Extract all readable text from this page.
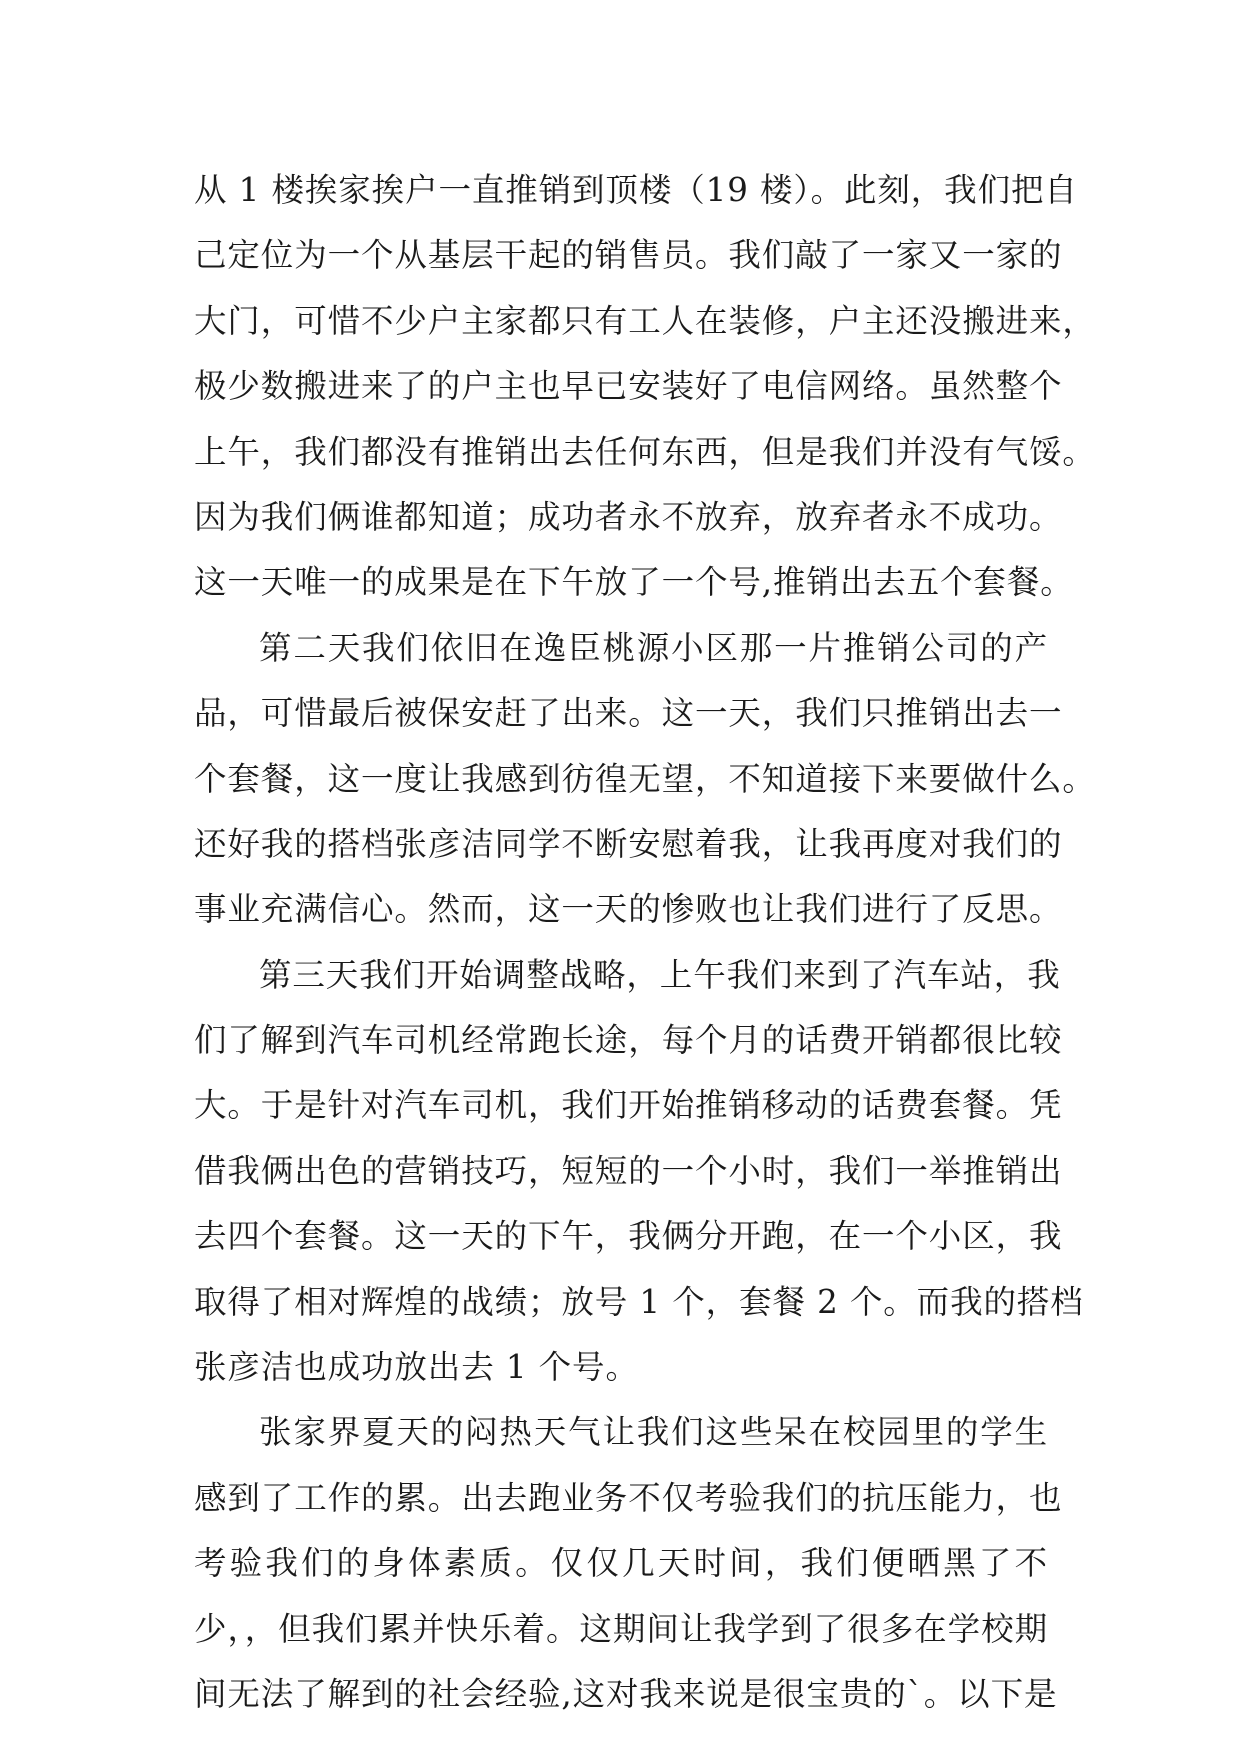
从 1 楼挨家挨户一直推销到顶楼（19 楼）。此刻，我们把自
己定位为一个从基层干起的销售员。我们敲了一家又一家的
大门，可惜不少户主家都只有工人在装修，户主还没搬进来，
极少数搬进来了的户主也早已安装好了电信网络。虽然整个
上午，我们都没有推销出去任何东西，但是我们并没有气馁。
因为我们俩谁都知道；成功者永不放弃，放弃者永不成功。
这一天唯一的成果是在下午放了一个号,推销出去五个套餐。
第二天我们依旧在逸臣桃源小区那一片推销公司的产
品，可惜最后被保安赶了出来。这一天，我们只推销出去一
个套餐，这一度让我感到彷徨无望，不知道接下来要做什么。
还好我的搭档张彦洁同学不断安慰着我，让我再度对我们的
事业充满信心。然而，这一天的惨败也让我们进行了反思。
第三天我们开始调整战略，上午我们来到了汽车站，我
们了解到汽车司机经常跑长途，每个月的话费开销都很比较
大。于是针对汽车司机，我们开始推销移动的话费套餐。凭
借我俩出色的营销技巧，短短的一个小时，我们一举推销出
去四个套餐。这一天的下午，我俩分开跑，在一个小区，我
取得了相对辉煌的战绩；放号 1 个，套餐 2 个。而我的搭档
张彦洁也成功放出去 1 个号。
张家界夏天的闷热天气让我们这些呆在校园里的学生
感到了工作的累。出去跑业务不仅考验我们的抗压能力，也
考验我们的身体素质。仅仅几天时间，我们便晒黑了不
少，，但我们累并快乐着。这期间让我学到了很多在学校期
间无法了解到的社会经验,这对我来说是很宝贵的`。以下是
